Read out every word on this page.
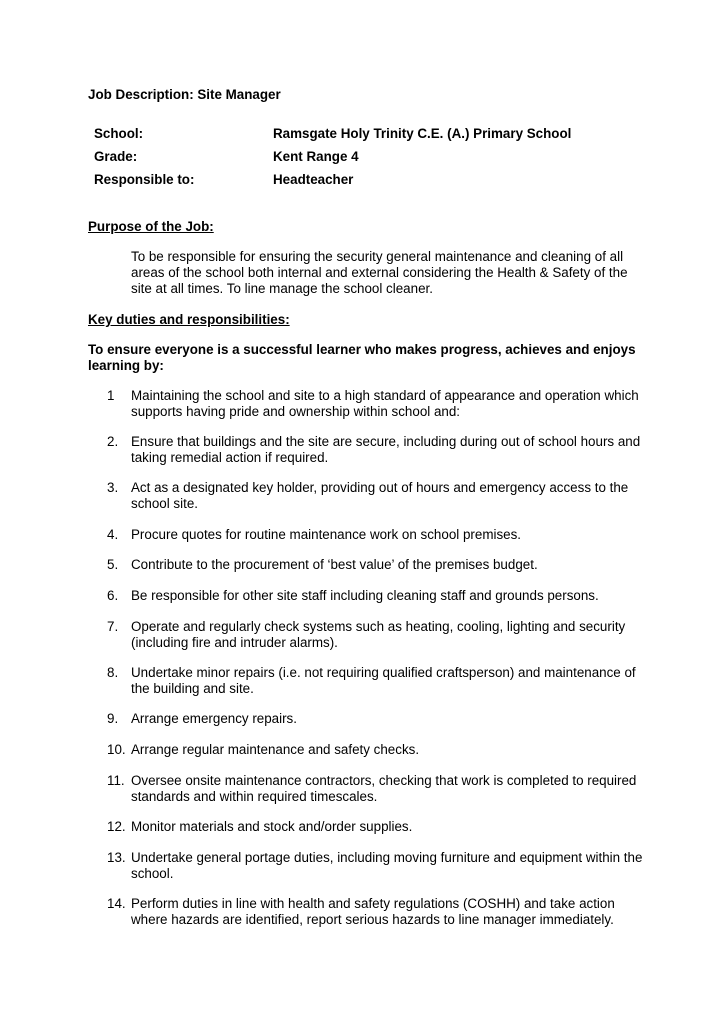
Job Description: Site Manager
School:	Ramsgate Holy Trinity C.E. (A.) Primary School
Grade:	Kent Range 4
Responsible to:	Headteacher
Purpose of the Job:

To be responsible for ensuring the security general maintenance and cleaning of all areas of the school both internal and external considering the Health & Safety of the site at all times. To line manage the school cleaner.

Key duties and responsibilities:

To ensure everyone is a successful learner who makes progress, achieves and enjoys learning by:

1 Maintaining the school and site to a high standard of appearance and operation which supports having pride and ownership within school and:
2. Ensure that buildings and the site are secure, including during out of school hours and taking remedial action if required.
3. Act as a designated key holder, providing out of hours and emergency access to the school site.
4. Procure quotes for routine maintenance work on school premises.
5. Contribute to the procurement of ‘best value’ of the premises budget.
6. Be responsible for other site staff including cleaning staff and grounds persons.
7. Operate and regularly check systems such as heating, cooling, lighting and security (including fire and intruder alarms).
8. Undertake minor repairs (i.e. not requiring qualified craftsperson) and maintenance of the building and site.
9. Arrange emergency repairs.
10. Arrange regular maintenance and safety checks.
11. Oversee onsite maintenance contractors, checking that work is completed to required standards and within required timescales.
12. Monitor materials and stock and/order supplies.
13. Undertake general portage duties, including moving furniture and equipment within the school.
14. Perform duties in line with health and safety regulations (COSHH) and take action where hazards are identified, report serious hazards to line manager immediately.
